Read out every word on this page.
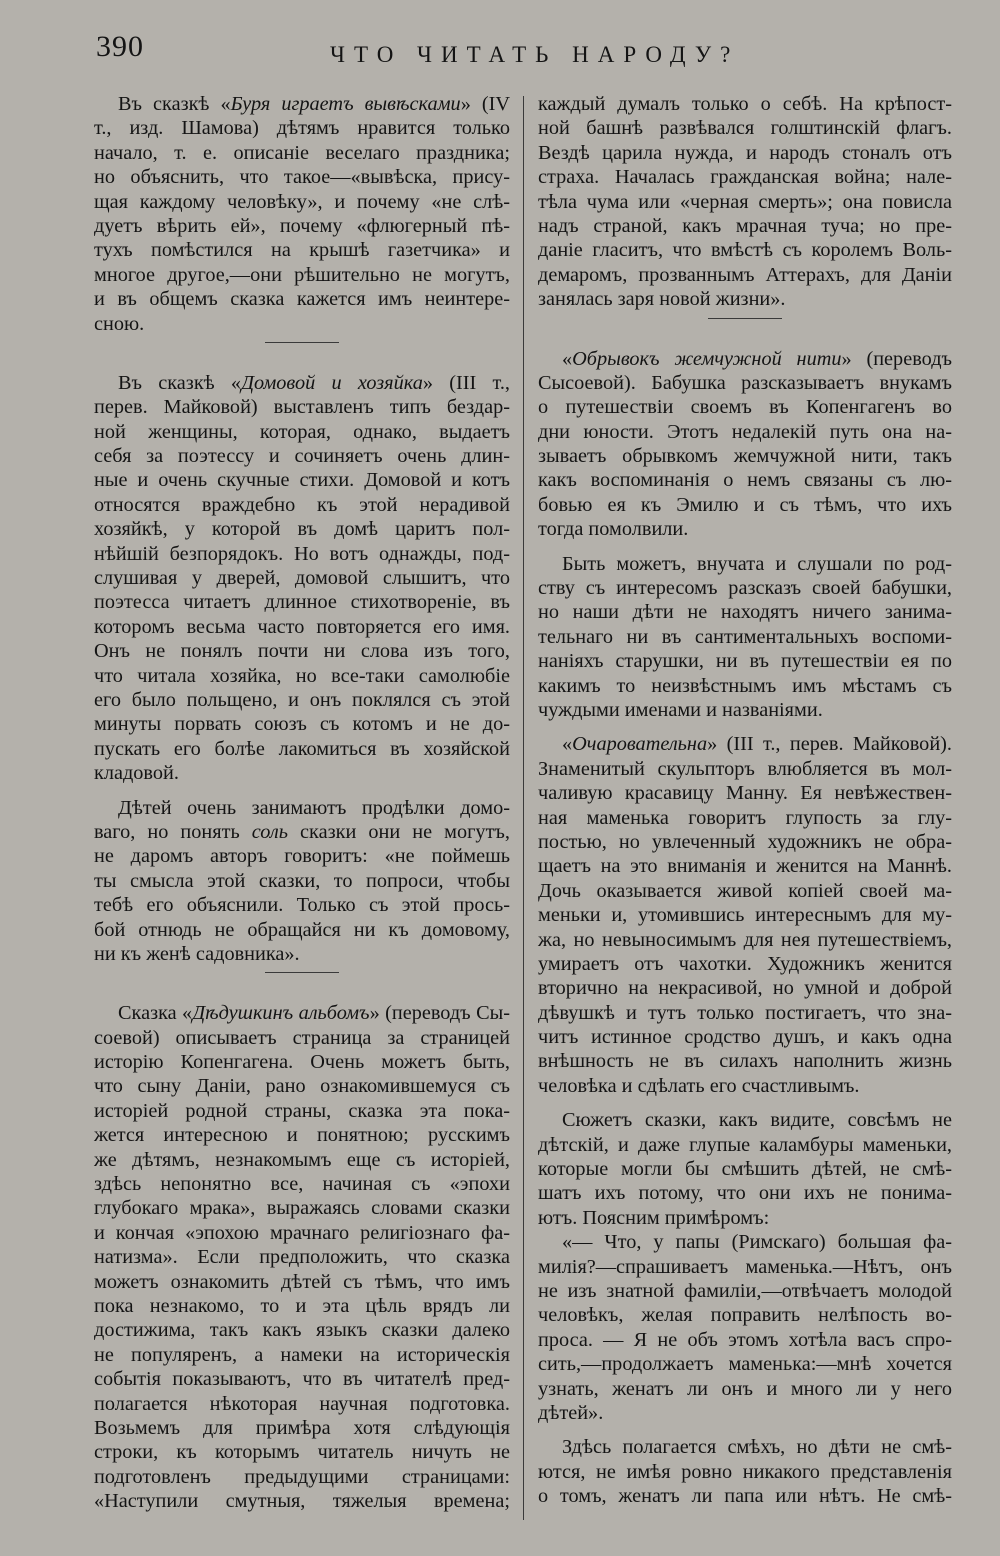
390	ЧТО ЧИТАТЬ НАРОДУ?
Въ сказкѣ «Буря играетъ вывѣсками» (IV
т., изд. Шамова) дѣтямъ нравится только
начало, т. е. описаніе веселаго праздника;
но объяснить, что такое—«вывѣска, прису-
щая каждому человѣку», и почему «не слѣ-
дуетъ вѣрить ей», почему «флюгерный пѣ-
тухъ помѣстился на крышѣ газетчика» и
многое другое,—они рѣшительно не могутъ,
и въ общемъ сказка кажется имъ неинтере-
сною.
Въ сказкѣ «Домовой и хозяйка» (III т.,
перев. Майковой) выставленъ типъ бездар-
ной женщины, которая, однако, выдаетъ
себя за поэтессу и сочиняетъ очень длин-
ные и очень скучные стихи. Домовой и котъ
относятся враждебно къ этой нерадивой
хозяйкѣ, у которой въ домѣ царитъ пол-
нѣйшій безпорядокъ. Но вотъ однажды, под-
слушивая у дверей, домовой слышитъ, что
поэтесса читаетъ длинное стихотвореніе, въ
которомъ весьма часто повторяется его имя.
Онъ не понялъ почти ни слова изъ того,
что читала хозяйка, но все-таки самолюбіе
его было польщено, и онъ поклялся съ этой
минуты порвать союзъ съ котомъ и не до-
пускать его болѣе лакомиться въ хозяйской
кладовой.
Дѣтей очень занимаютъ продѣлки домо-
ваго, но понять соль сказки они не могутъ,
не даромъ авторъ говоритъ: «не поймешь
ты смысла этой сказки, то попроси, чтобы
тебѣ его объяснили. Только съ этой прось-
бой отнюдь не обращайся ни къ домовому,
ни къ женѣ садовника».
Сказка «Дѣдушкинъ альбомъ» (переводъ Сы-
соевой) описываетъ страница за страницей
исторію Копенгагена. Очень можетъ быть,
что сыну Даніи, рано ознакомившемуся съ
исторіей родной страны, сказка эта пока-
жется интересною и понятною; русскимъ
же дѣтямъ, незнакомымъ еще съ исторіей,
здѣсь непонятно все, начиная съ «эпохи
глубокаго мрака», выражаясь словами сказки
и кончая «эпохою мрачнаго религіознаго фа-
натизма». Если предположить, что сказка
можетъ ознакомить дѣтей съ тѣмъ, что имъ
пока незнакомо, то и эта цѣль врядъ ли
достижима, такъ какъ языкъ сказки далеко
не популяренъ, а намеки на историческія
событія показываютъ, что въ читателѣ пред-
полагается нѣкоторая научная подготовка.
Возьмемъ для примѣра хотя слѣдующія
строки, къ которымъ читатель ничуть не
подготовленъ предыдущими страницами:
«Наступили смутныя, тяжелыя времена;
каждый думалъ только о себѣ. На крѣпост-
ной башнѣ развѣвался голштинскій флагъ.
Вездѣ царила нужда, и народъ стоналъ отъ
страха. Началась гражданская война; нале-
тѣла чума или «черная смерть»; она повисла
надъ страной, какъ мрачная туча; но пре-
даніе гласитъ, что вмѣстѣ съ королемъ Воль-
демаромъ, прозваннымъ Аттерахъ, для Даніи
занялась заря новой жизни».
«Обрывокъ жемчужной нити» (переводъ
Сысоевой). Бабушка разсказываетъ внукамъ
о путешествіи своемъ въ Копенгагенъ во
дни юности. Этотъ недалекій путь она на-
зываетъ обрывкомъ жемчужной нити, такъ
какъ воспоминанія о немъ связаны съ лю-
бовью ея къ Эмилю и съ тѣмъ, что ихъ
тогда помолвили.
Быть можетъ, внучата и слушали по род-
ству съ интересомъ разсказъ своей бабушки,
но наши дѣти не находятъ ничего занима-
тельнаго ни въ сантиментальныхъ воспоми-
наніяхъ старушки, ни въ путешествіи ея по
какимъ то неизвѣстнымъ имъ мѣстамъ съ
чуждыми именами и названіями.
«Очаровательна» (III т., перев. Майковой).
Знаменитый скульпторъ влюбляется въ мол-
чаливую красавицу Манну. Ея невѣжествен-
ная маменька говоритъ глупость за глу-
постью, но увлеченный художникъ не обра-
щаетъ на это вниманія и женится на Маннѣ.
Дочь оказывается живой копіей своей ма-
меньки и, утомившись интереснымъ для му-
жа, но невыносимымъ для нея путешествіемъ,
умираетъ отъ чахотки. Художникъ женится
вторично на некрасивой, но умной и доброй
дѣвушкѣ и тутъ только постигаетъ, что зна-
читъ истинное сродство душъ, и какъ одна
внѣшность не въ силахъ наполнить жизнь
человѣка и сдѣлать его счастливымъ.
Сюжетъ сказки, какъ видите, совсѣмъ не
дѣтскій, и даже глупые каламбуры маменьки,
которые могли бы смѣшить дѣтей, не смѣ-
шатъ ихъ потому, что они ихъ не понима-
ютъ. Поясним примѣромъ:
«— Что, у папы (Римскаго) большая фа-
милія?—спрашиваетъ маменька.—Нѣтъ, онъ
не изъ знатной фамиліи,—отвѣчаетъ молодой
человѣкъ, желая поправить нелѣпость во-
проса. — Я не объ этомъ хотѣла васъ спро-
сить,—продолжаетъ маменька:—мнѣ хочется
узнать, женатъ ли онъ и много ли у него
дѣтей».
Здѣсь полагается смѣхъ, но дѣти не смѣ-
ются, не имѣя ровно никакого представленія
о томъ, женатъ ли папа или нѣтъ. Не смѣ-
